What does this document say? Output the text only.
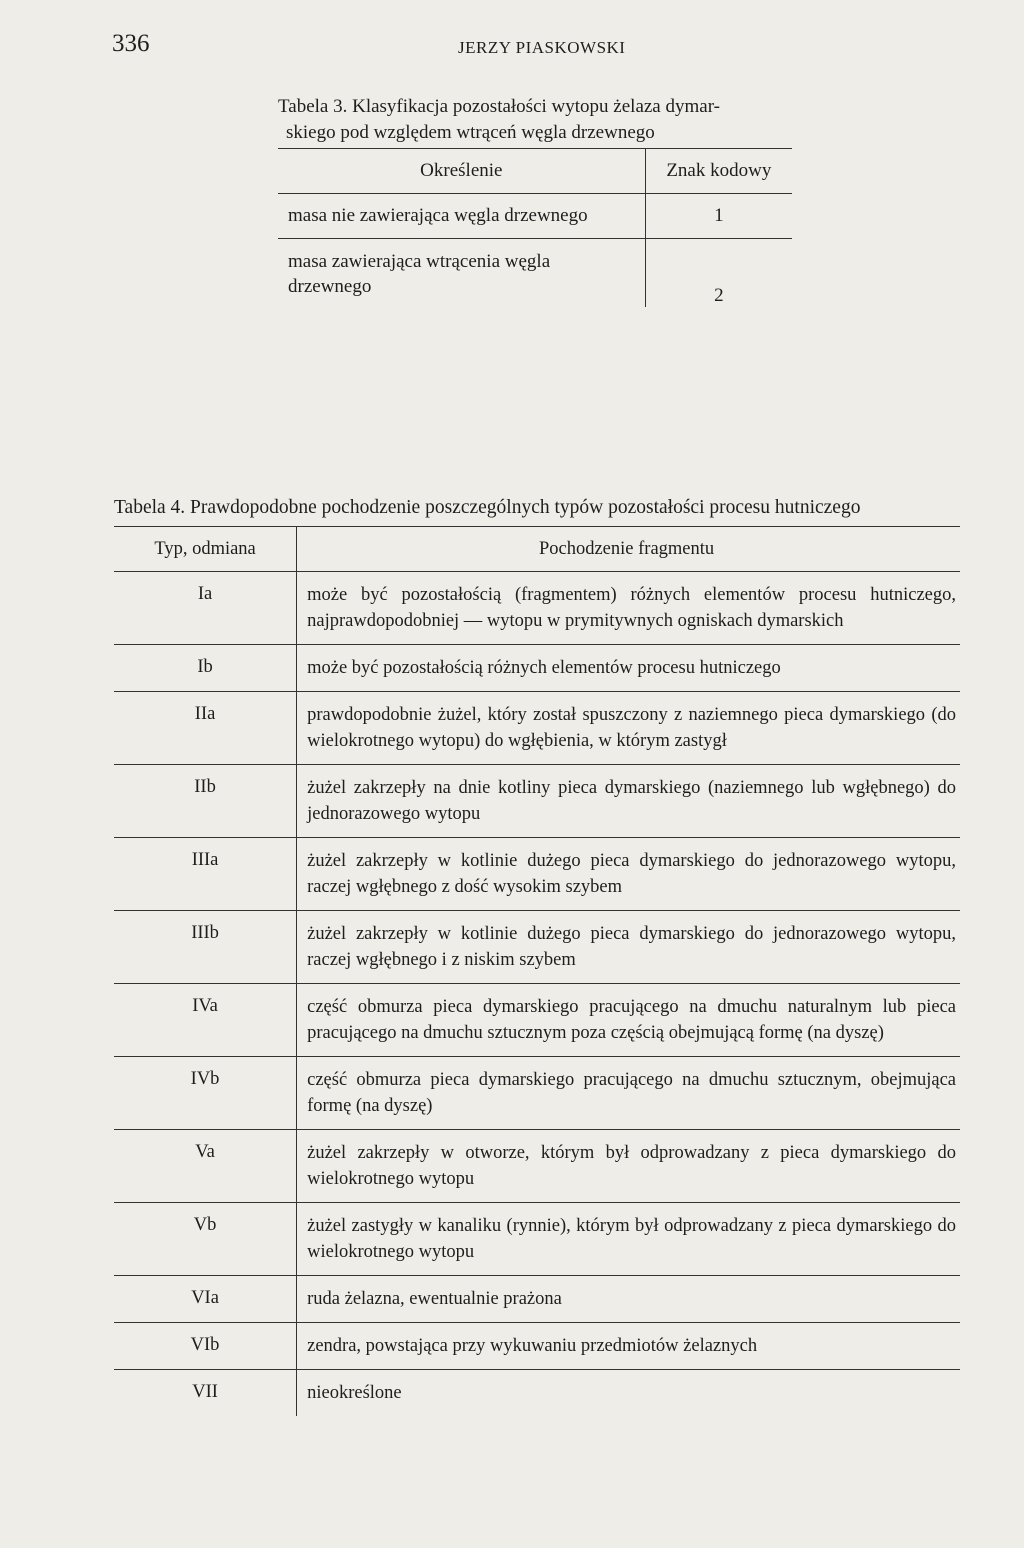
336	JERZY PIASKOWSKI
Tabela 3. Klasyfikacja pozostałości wytopu żelaza dymar-
skiego pod względem wtrąceń węgla drzewnego
Określenie	Znak kodowy
masa nie zawierająca węgla drzewnego	1

masa zawierająca wtrącenia węgla drzewnego	2
Tabela 4. Prawdopodobne pochodzenie poszczególnych typów pozostałości procesu hutniczego
Typ, odmiana	Pochodzenie fragmentu
Ia	może być pozostałością (fragmentem) różnych elementów procesu hutniczego, najprawdopodobniej — wytopu w prymitywnych ogniskach dymarskich
Ib	może być pozostałością różnych elementów procesu hutniczego
IIa	prawdopodobnie żużel, który został spuszczony z naziemnego pieca dymarskiego (do wielokrotnego wytopu) do wgłębienia, w którym zastygł
IIb	żużel zakrzepły na dnie kotliny pieca dymarskiego (naziemnego lub wgłębnego) do jednorazowego wytopu
IIIa	żużel zakrzepły w kotlinie dużego pieca dymarskiego do jednorazowego wytopu, raczej wgłębnego z dość wysokim szybem
IIIb	żużel zakrzepły w kotlinie dużego pieca dymarskiego do jednorazowego wytopu, raczej wgłębnego i z niskim szybem
IVa	część obmurza pieca dymarskiego pracującego na dmuchu naturalnym lub pieca pracującego na dmuchu sztucznym poza częścią obejmującą formę (na dyszę)
IVb	część obmurza pieca dymarskiego pracującego na dmuchu sztucznym, obejmująca formę (na dyszę)
Va	żużel zakrzepły w otworze, którym był odprowadzany z pieca dymarskiego do wielokrotnego wytopu
Vb	żużel zastygły w kanaliku (rynnie), którym był odprowadzany z pieca dymarskiego do wielokrotnego wytopu
VIa	ruda żelazna, ewentualnie prażona
VIb	zendra, powstająca przy wykuwaniu przedmiotów żelaznych
VII	nieokreślone
